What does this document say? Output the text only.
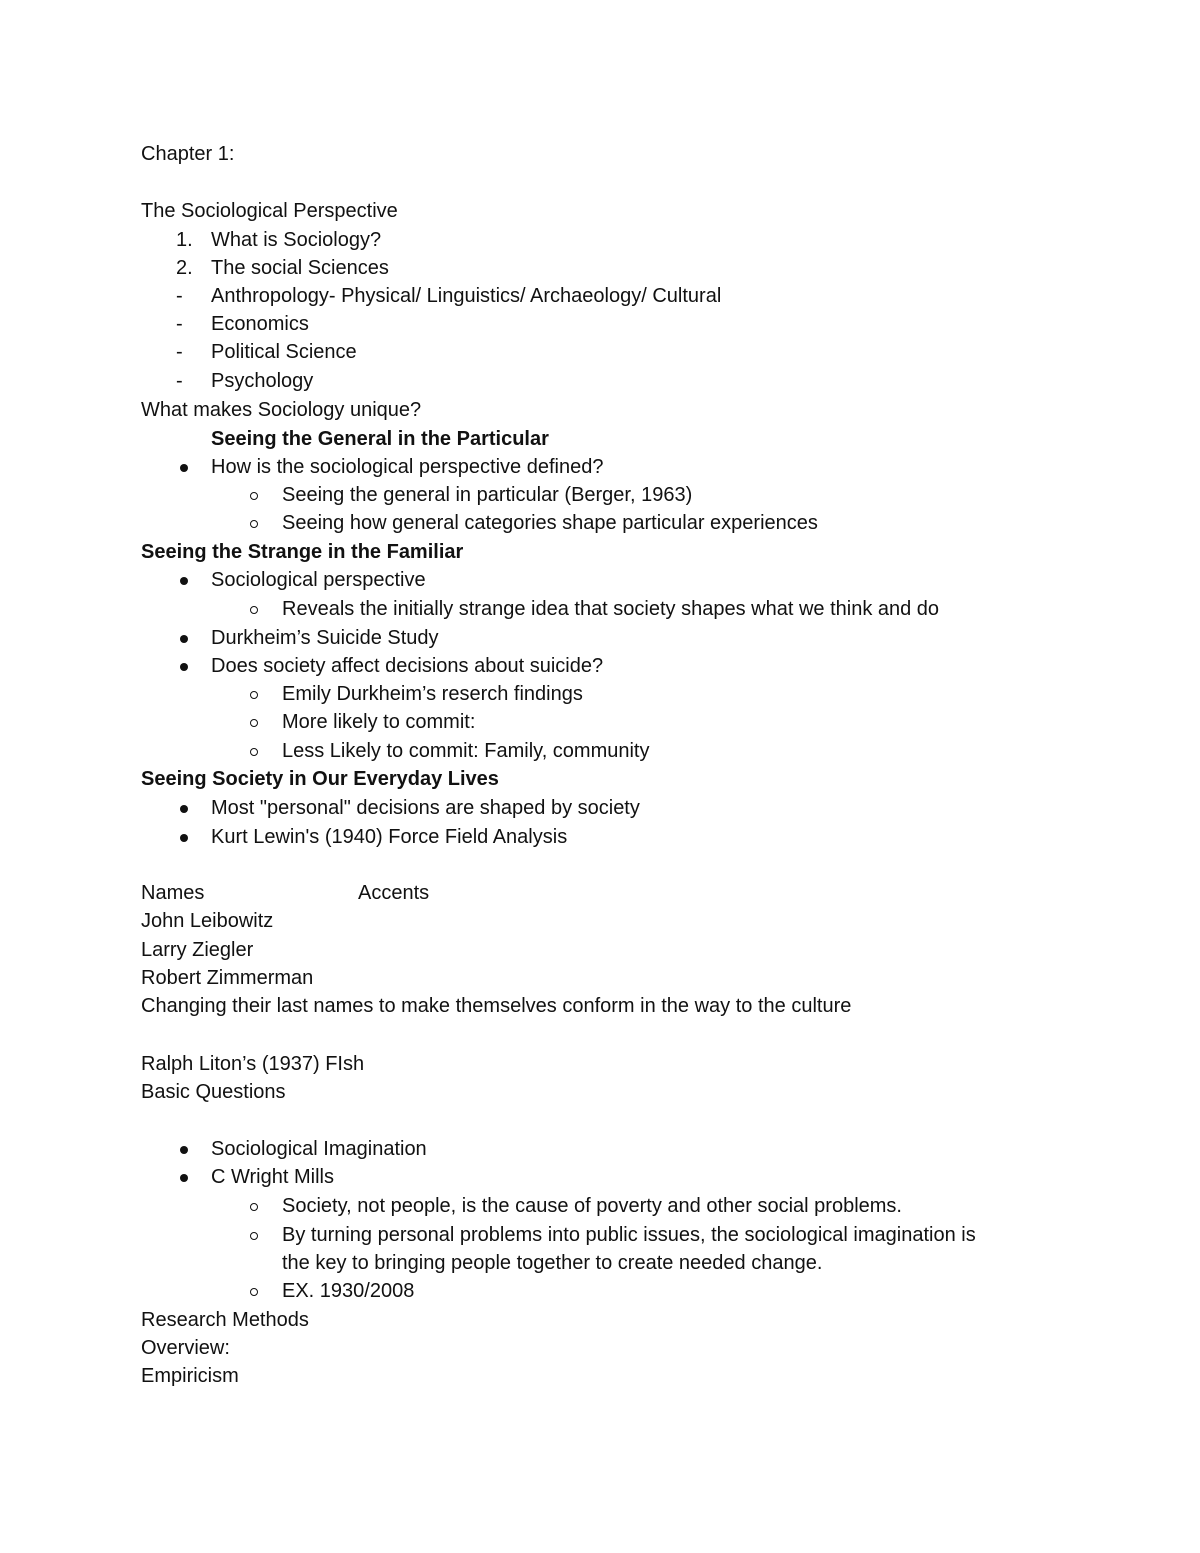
Chapter 1:
The Sociological Perspective
1. What is Sociology?
2. The social Sciences
- Anthropology- Physical/ Linguistics/ Archaeology/ Cultural
- Economics
- Political Science
- Psychology
What makes Sociology unique?
Seeing the General in the Particular
How is the sociological perspective defined?
Seeing the general in particular (Berger, 1963)
Seeing how general categories shape particular experiences
Seeing the Strange in the Familiar
Sociological perspective
Reveals the initially strange idea that society shapes what we think and do
Durkheim’s Suicide Study
Does society affect decisions about suicide?
Emily Durkheim’s reserch findings
More likely to commit:
Less Likely to commit: Family, community
Seeing Society in Our Everyday Lives
Most "personal" decisions are shaped by society
Kurt Lewin's (1940) Force Field Analysis
Names	Accents
John Leibowitz
Larry Ziegler
Robert Zimmerman
Changing their last names to make themselves conform in the way to the culture
Ralph Liton’s (1937) FIsh
Basic Questions
Sociological Imagination
C Wright Mills
Society, not people, is the cause of poverty and other social problems.
By turning personal problems into public issues, the sociological imagination is
the key to bringing people together to create needed change.
EX. 1930/2008
Research Methods
Overview:
Empiricism
